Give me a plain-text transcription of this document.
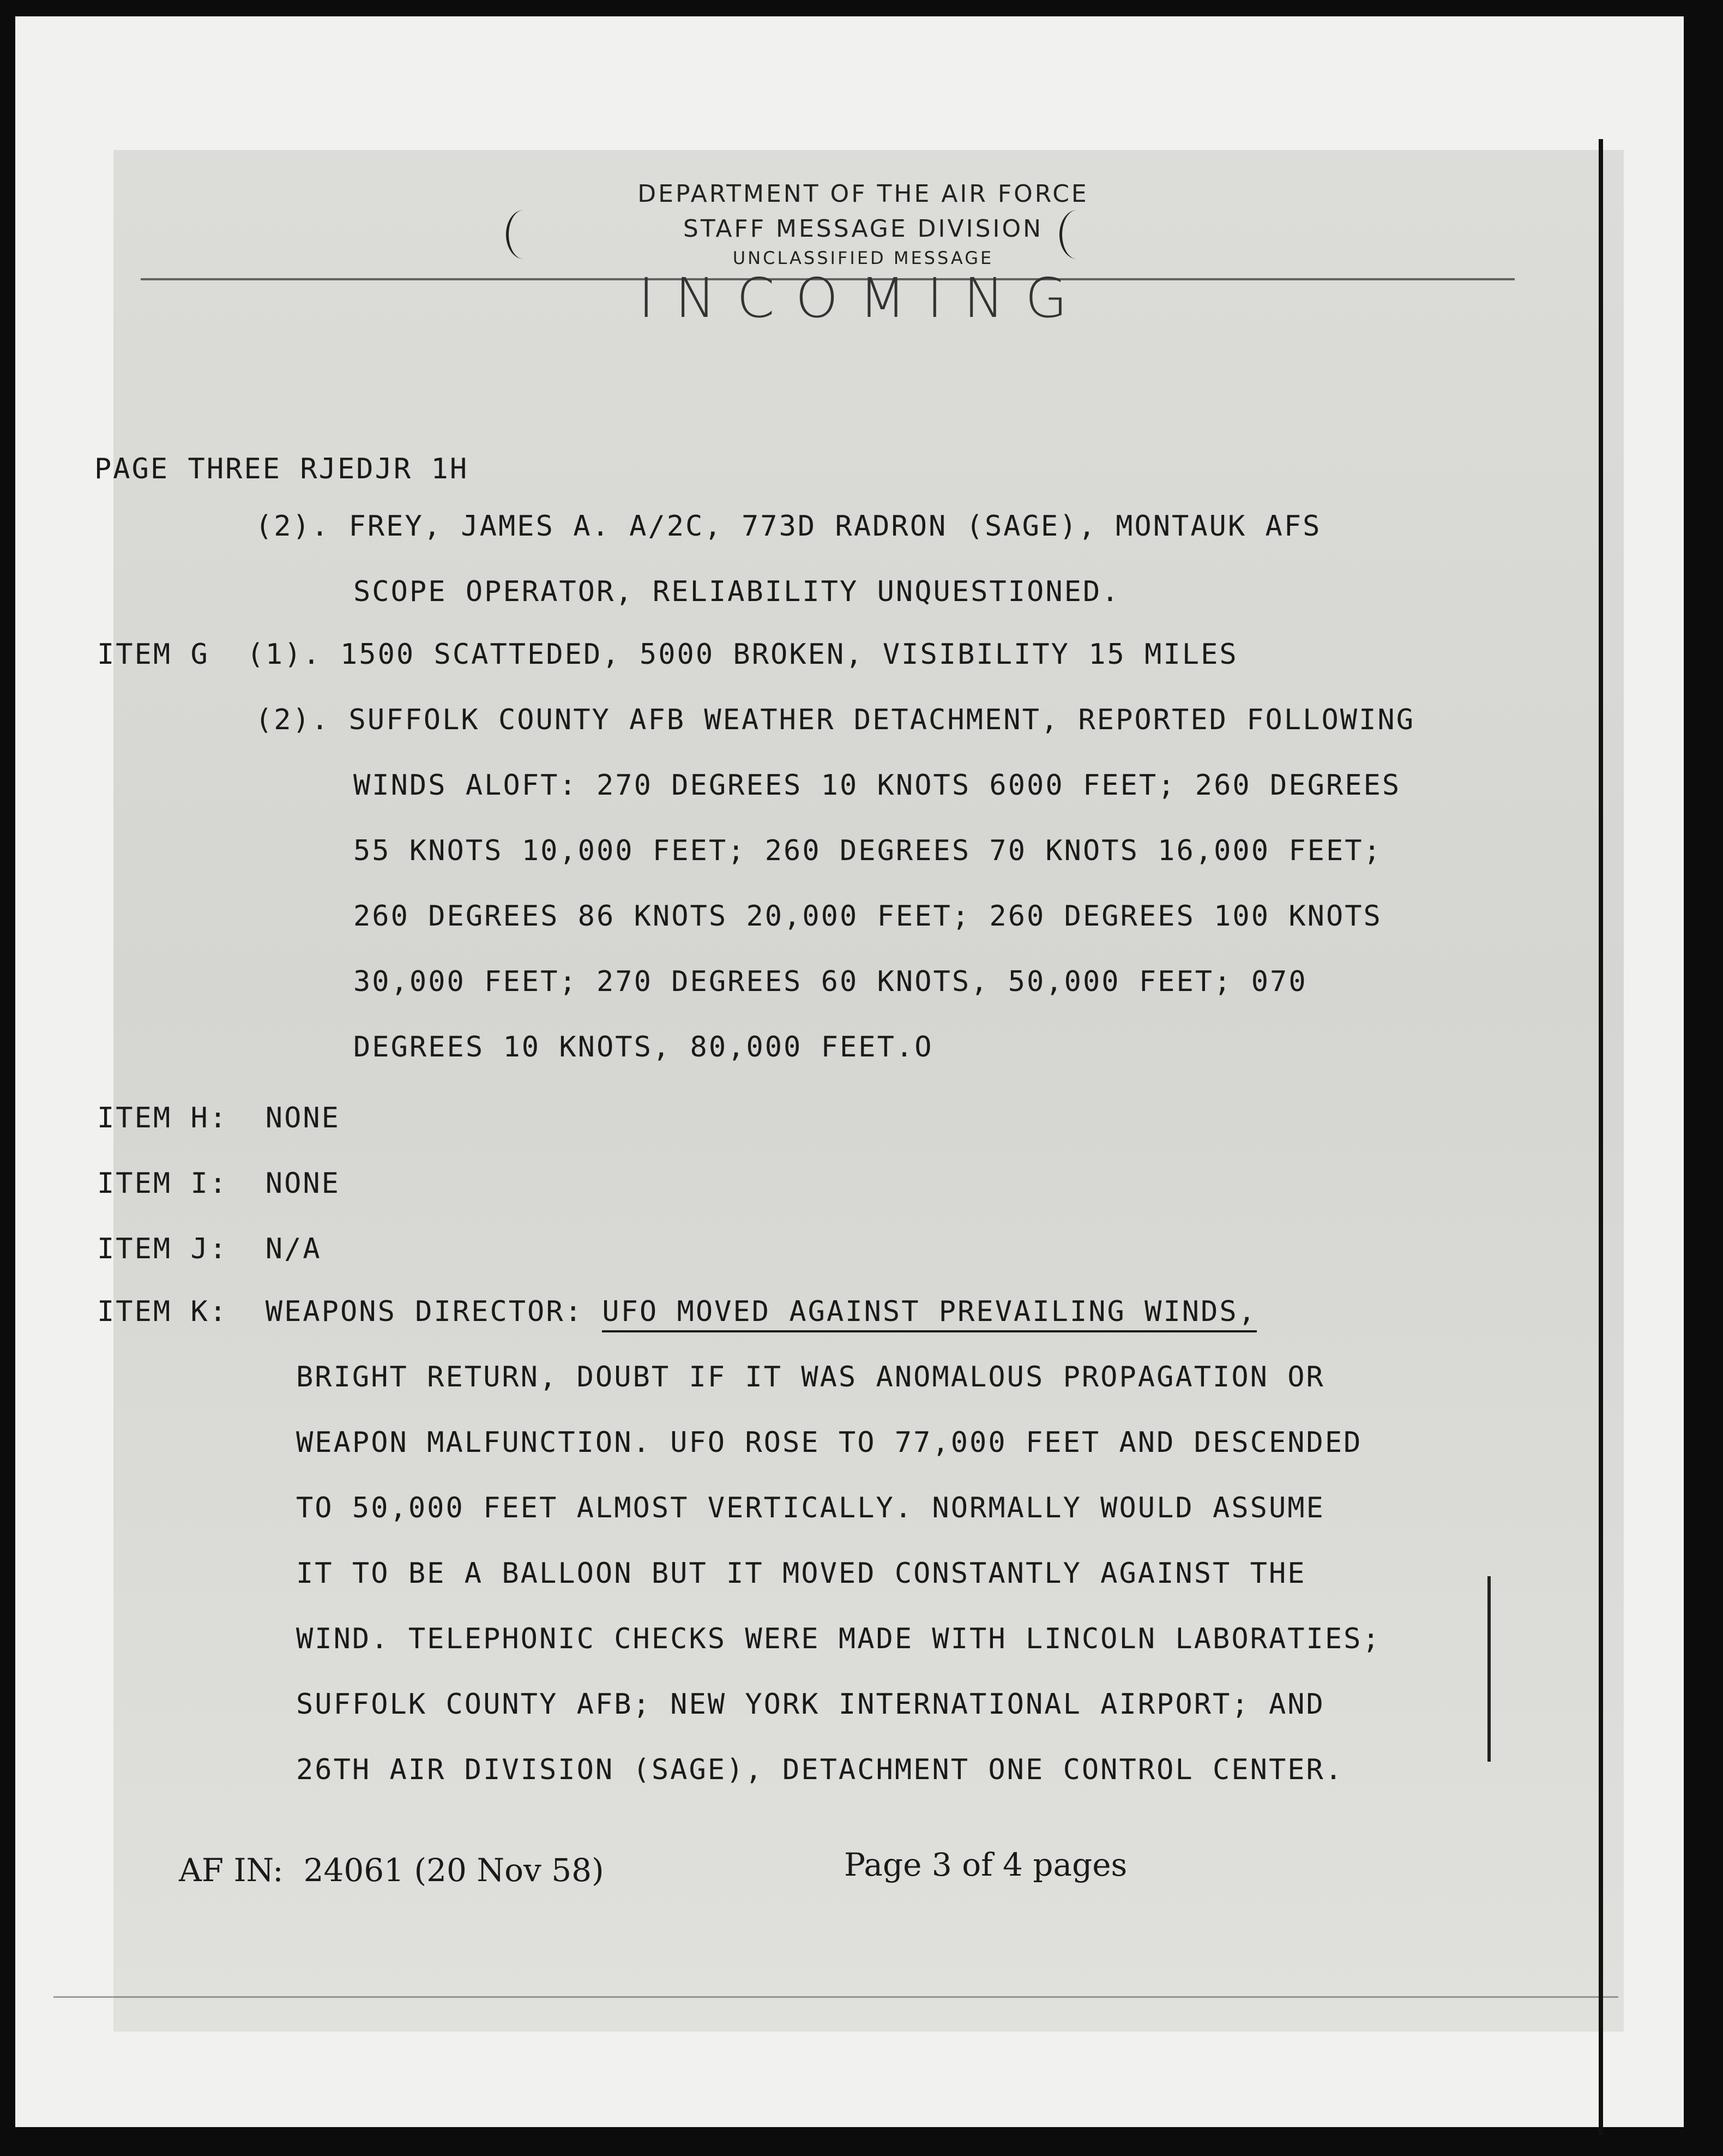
DEPARTMENT OF THE AIR FORCE
STAFF MESSAGE DIVISION
UNCLASSIFIED MESSAGE
INCOMING
PAGE THREE RJEDJR 1H
(2). FREY, JAMES A. A/2C, 773D RADRON (SAGE), MONTAUK AFS
SCOPE OPERATOR, RELIABILITY UNQUESTIONED.
ITEM G  (1). 1500 SCATTEDED, 5000 BROKEN, VISIBILITY 15 MILES
(2). SUFFOLK COUNTY AFB WEATHER DETACHMENT, REPORTED FOLLOWING
WINDS ALOFT: 270 DEGREES 10 KNOTS 6000 FEET; 260 DEGREES
55 KNOTS 10,000 FEET; 260 DEGREES 70 KNOTS 16,000 FEET;
260 DEGREES 86 KNOTS 20,000 FEET; 260 DEGREES 100 KNOTS
30,000 FEET; 270 DEGREES 60 KNOTS, 50,000 FEET; 070
DEGREES 10 KNOTS, 80,000 FEET.O
ITEM H:  NONE
ITEM I:  NONE
ITEM J:  N/A
ITEM K:  WEAPONS DIRECTOR: UFO MOVED AGAINST PREVAILING WINDS,
BRIGHT RETURN, DOUBT IF IT WAS ANOMALOUS PROPAGATION OR
WEAPON MALFUNCTION. UFO ROSE TO 77,000 FEET AND DESCENDED
TO 50,000 FEET ALMOST VERTICALLY. NORMALLY WOULD ASSUME
IT TO BE A BALLOON BUT IT MOVED CONSTANTLY AGAINST THE
WIND. TELEPHONIC CHECKS WERE MADE WITH LINCOLN LABORATIES;
SUFFOLK COUNTY AFB; NEW YORK INTERNATIONAL AIRPORT; AND
26TH AIR DIVISION (SAGE), DETACHMENT ONE CONTROL CENTER.
AF IN:  24061 (20 Nov 58)	Page 3 of 4 pages
